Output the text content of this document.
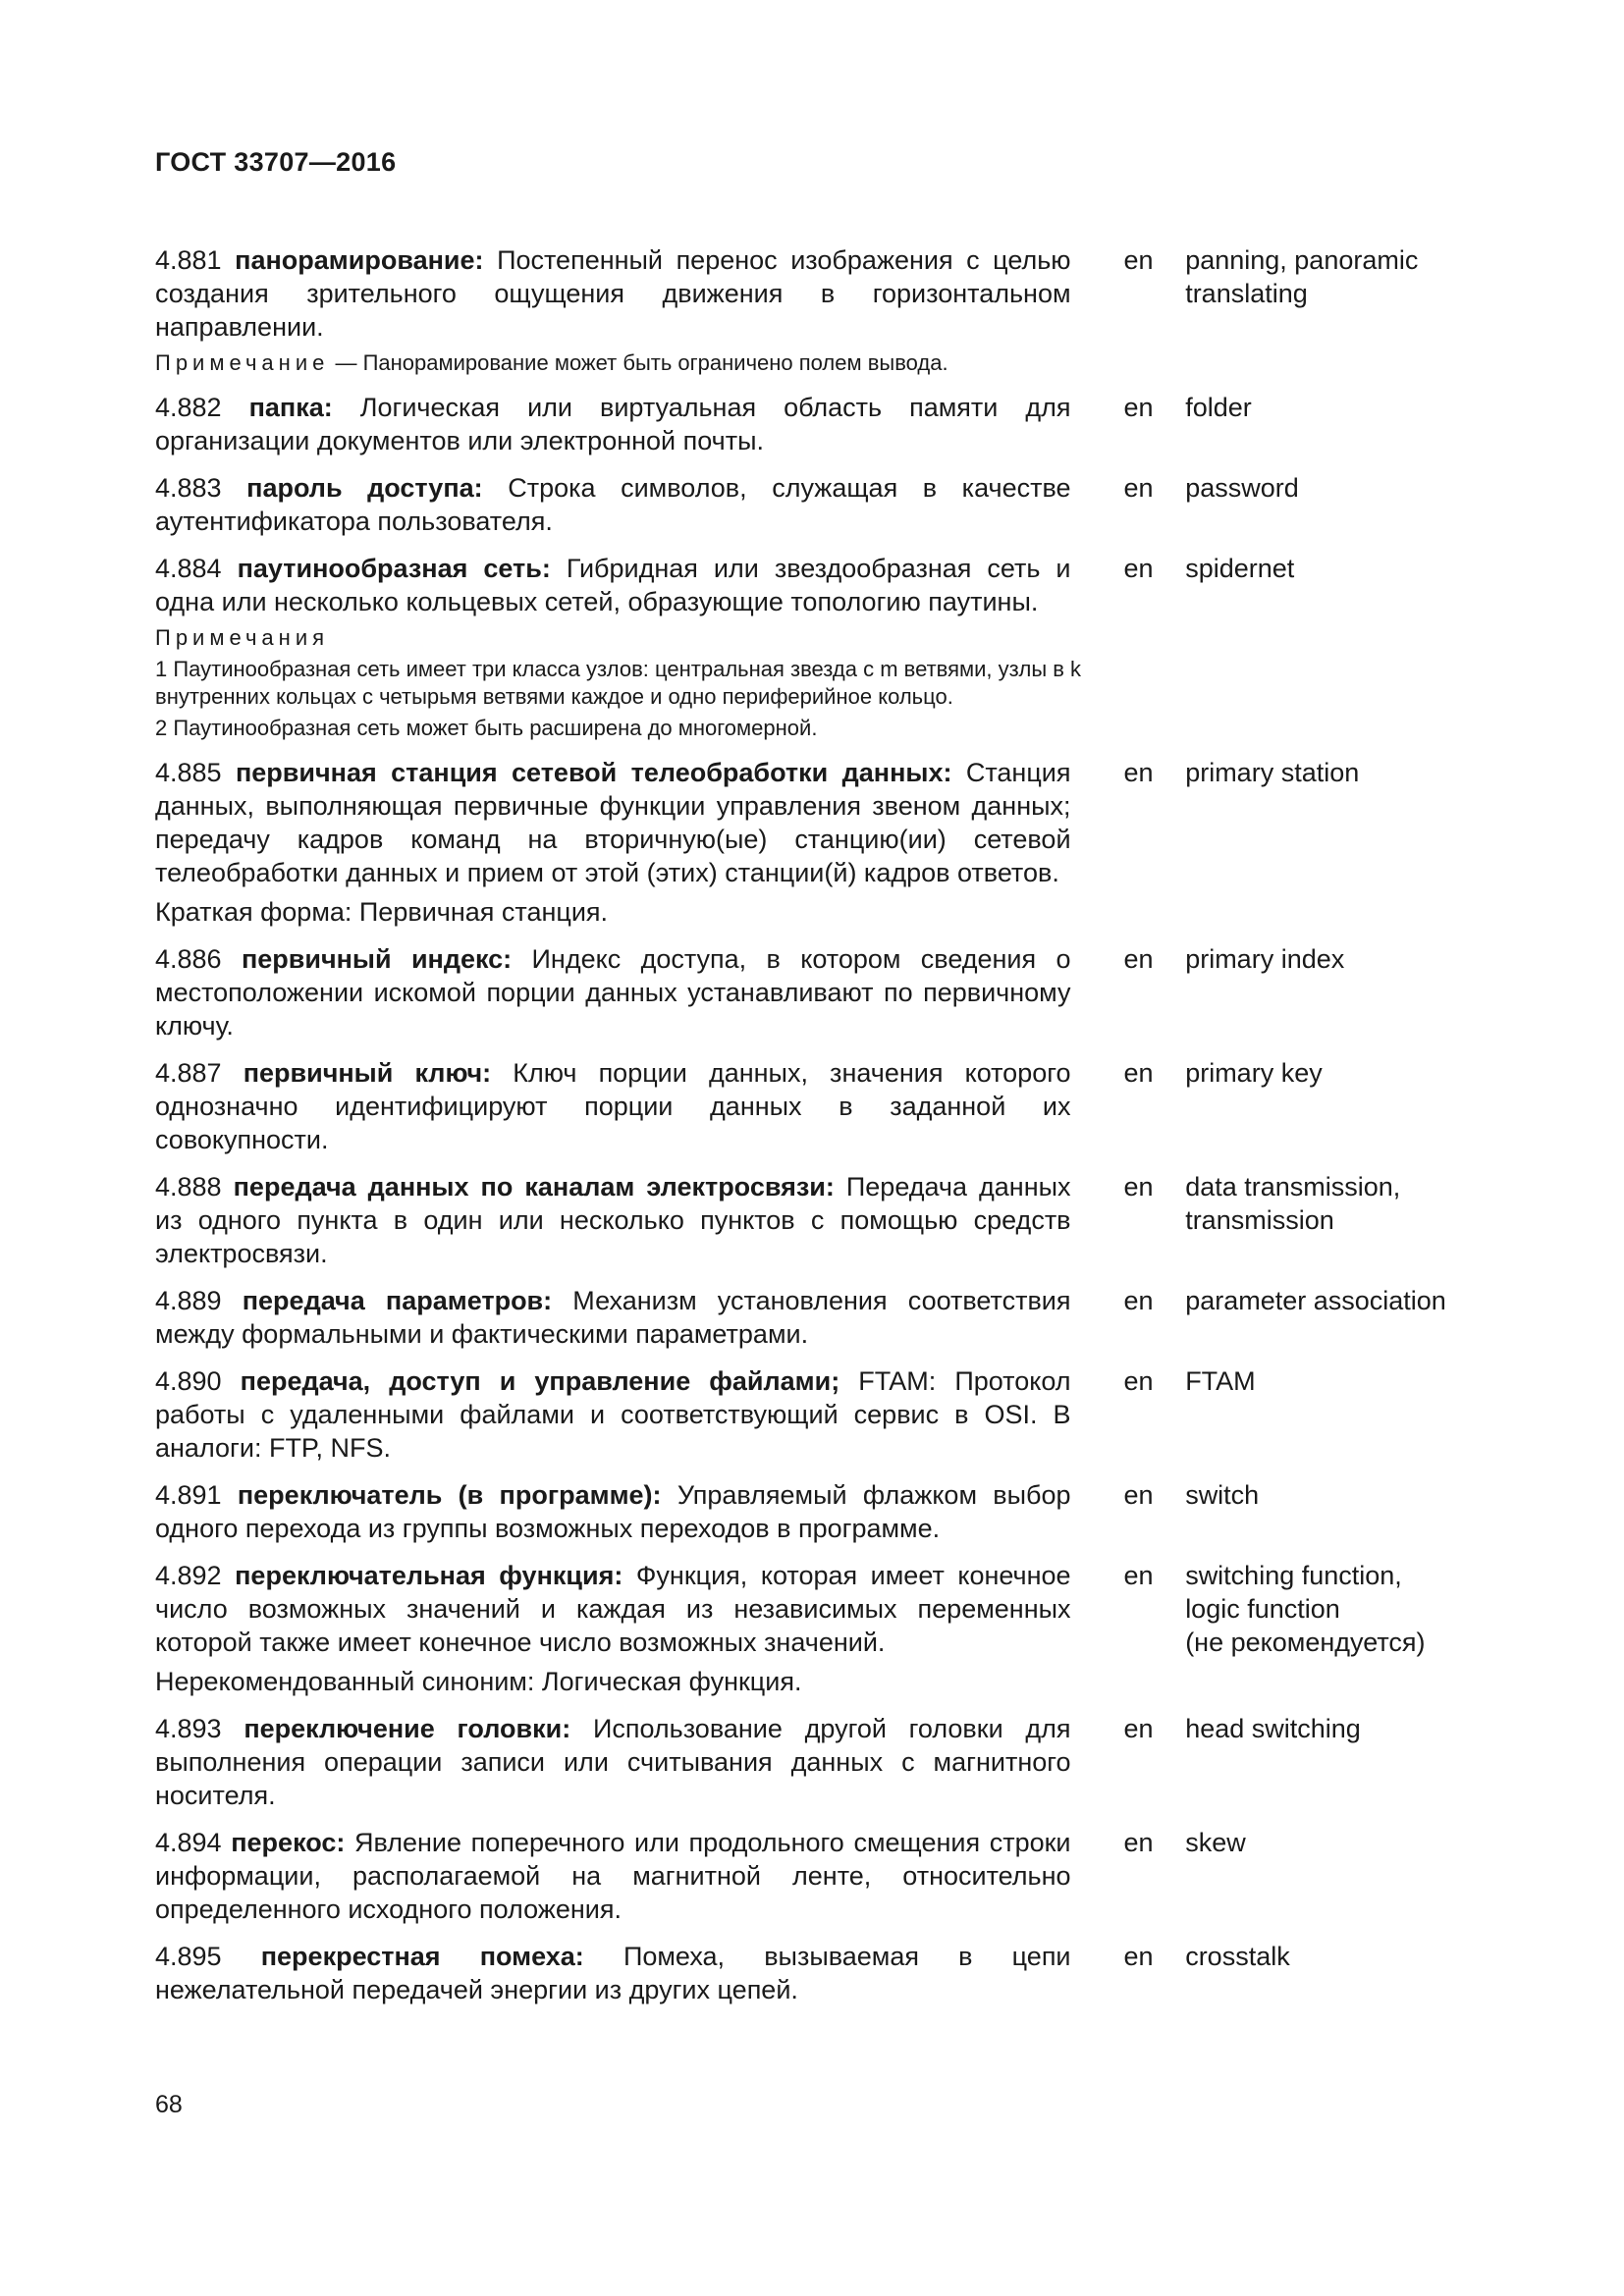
ГОСТ 33707—2016
4.881 панорамирование: Постепенный перенос изображения с целью создания зрительного ощущения движения в горизонтальном направлении.
en	panning, panoramic
translating
Примечание — Панорамирование может быть ограничено полем вывода.
4.882 папка: Логическая или виртуальная область памяти для организации документов или электронной почты.
en	folder
4.883 пароль доступа: Строка символов, служащая в качестве аутентификатора пользователя.
en	password
4.884 паутинообразная сеть: Гибридная или звездообразная сеть и одна или несколько кольцевых сетей, образующие топологию паутины.
en	spidernet
Примечания
1 Паутинообразная сеть имеет три класса узлов: центральная звезда с m ветвями, узлы в k внутренних кольцах с четырьмя ветвями каждое и одно периферийное кольцо.
2 Паутинообразная сеть может быть расширена до многомерной.
4.885 первичная станция сетевой телеобработки данных: Станция данных, выполняющая первичные функции управления звеном данных; передачу кадров команд на вторичную(ые) станцию(ии) сетевой телеобработки данных и прием от этой (этих) станции(й) кадров ответов.
en	primary station
Краткая форма: Первичная станция.
4.886 первичный индекс: Индекс доступа, в котором сведения о местоположении искомой порции данных устанавливают по первичному ключу.
en	primary index
4.887 первичный ключ: Ключ порции данных, значения которого однозначно идентифицируют порции данных в заданной их совокупности.
en	primary key
4.888 передача данных по каналам электросвязи: Передача данных из одного пункта в один или несколько пунктов с помощью средств электросвязи.
en	data transmission,
transmission
4.889 передача параметров: Механизм установления соответствия между формальными и фактическими параметрами.
en	parameter association
4.890 передача, доступ и управление файлами; FTAM: Протокол работы с удаленными файлами и соответствующий сервис в OSI. В аналоги: FTP, NFS.
en	FTAM
4.891 переключатель (в программе): Управляемый флажком выбор одного перехода из группы возможных переходов в программе.
en	switch
4.892 переключательная функция: Функция, которая имеет конечное число возможных значений и каждая из независимых переменных которой также имеет конечное число возможных значений.
en	switching function,
logic function
(не рекомендуется)
Нерекомендованный синоним: Логическая функция.
4.893 переключение головки: Использование другой головки для выполнения операции записи или считывания данных с магнитного носителя.
en	head switching
4.894 перекос: Явление поперечного или продольного смещения строки информации, располагаемой на магнитной ленте, относительно определенного исходного положения.
en	skew
4.895 перекрестная помеха: Помеха, вызываемая в цепи нежелательной передачей энергии из других цепей.
en	crosstalk
68
